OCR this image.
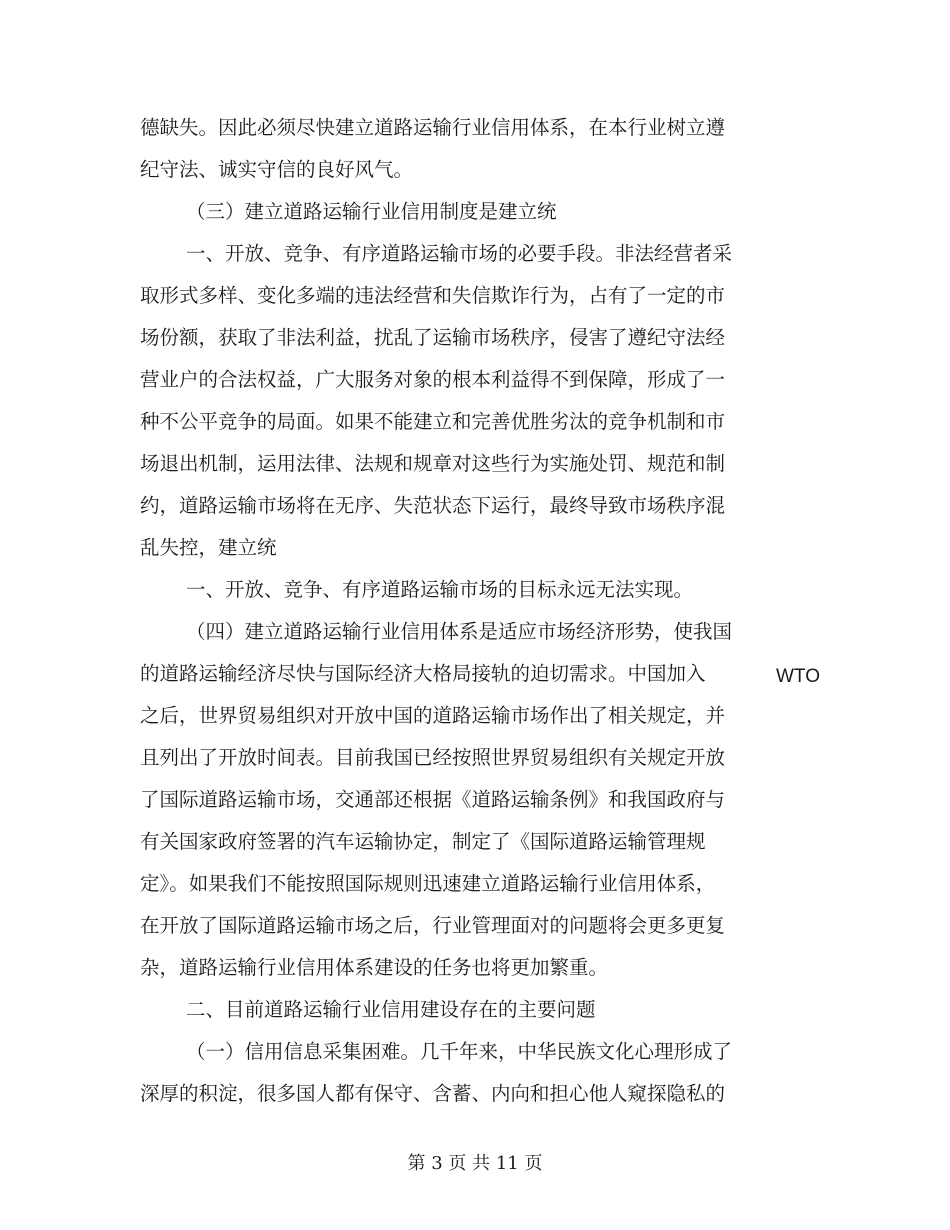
德缺失。因此必须尽快建立道路运输行业信用体系，在本行业树立遵
纪守法、诚实守信的良好风气。
（三）建立道路运输行业信用制度是建立统
一、开放、竞争、有序道路运输市场的必要手段。非法经营者采
取形式多样、变化多端的违法经营和失信欺诈行为，占有了一定的市
场份额，获取了非法利益，扰乱了运输市场秩序，侵害了遵纪守法经
营业户的合法权益，广大服务对象的根本利益得不到保障，形成了一
种不公平竞争的局面。如果不能建立和完善优胜劣汰的竞争机制和市
场退出机制，运用法律、法规和规章对这些行为实施处罚、规范和制
约，道路运输市场将在无序、失范状态下运行，最终导致市场秩序混
乱失控，建立统
一、开放、竞争、有序道路运输市场的目标永远无法实现。
（四）建立道路运输行业信用体系是适应市场经济形势，使我国
的道路运输经济尽快与国际经济大格局接轨的迫切需求。中国加入	WTO
之后，世界贸易组织对开放中国的道路运输市场作出了相关规定，并
且列出了开放时间表。目前我国已经按照世界贸易组织有关规定开放
了国际道路运输市场，交通部还根据《道路运输条例》和我国政府与
有关国家政府签署的汽车运输协定，制定了《国际道路运输管理规
定》。如果我们不能按照国际规则迅速建立道路运输行业信用体系，
在开放了国际道路运输市场之后，行业管理面对的问题将会更多更复
杂，道路运输行业信用体系建设的任务也将更加繁重。
二、目前道路运输行业信用建设存在的主要问题
（一）信用信息采集困难。几千年来，中华民族文化心理形成了
深厚的积淀，很多国人都有保守、含蓄、内向和担心他人窥探隐私的
第 3 页 共 11 页
